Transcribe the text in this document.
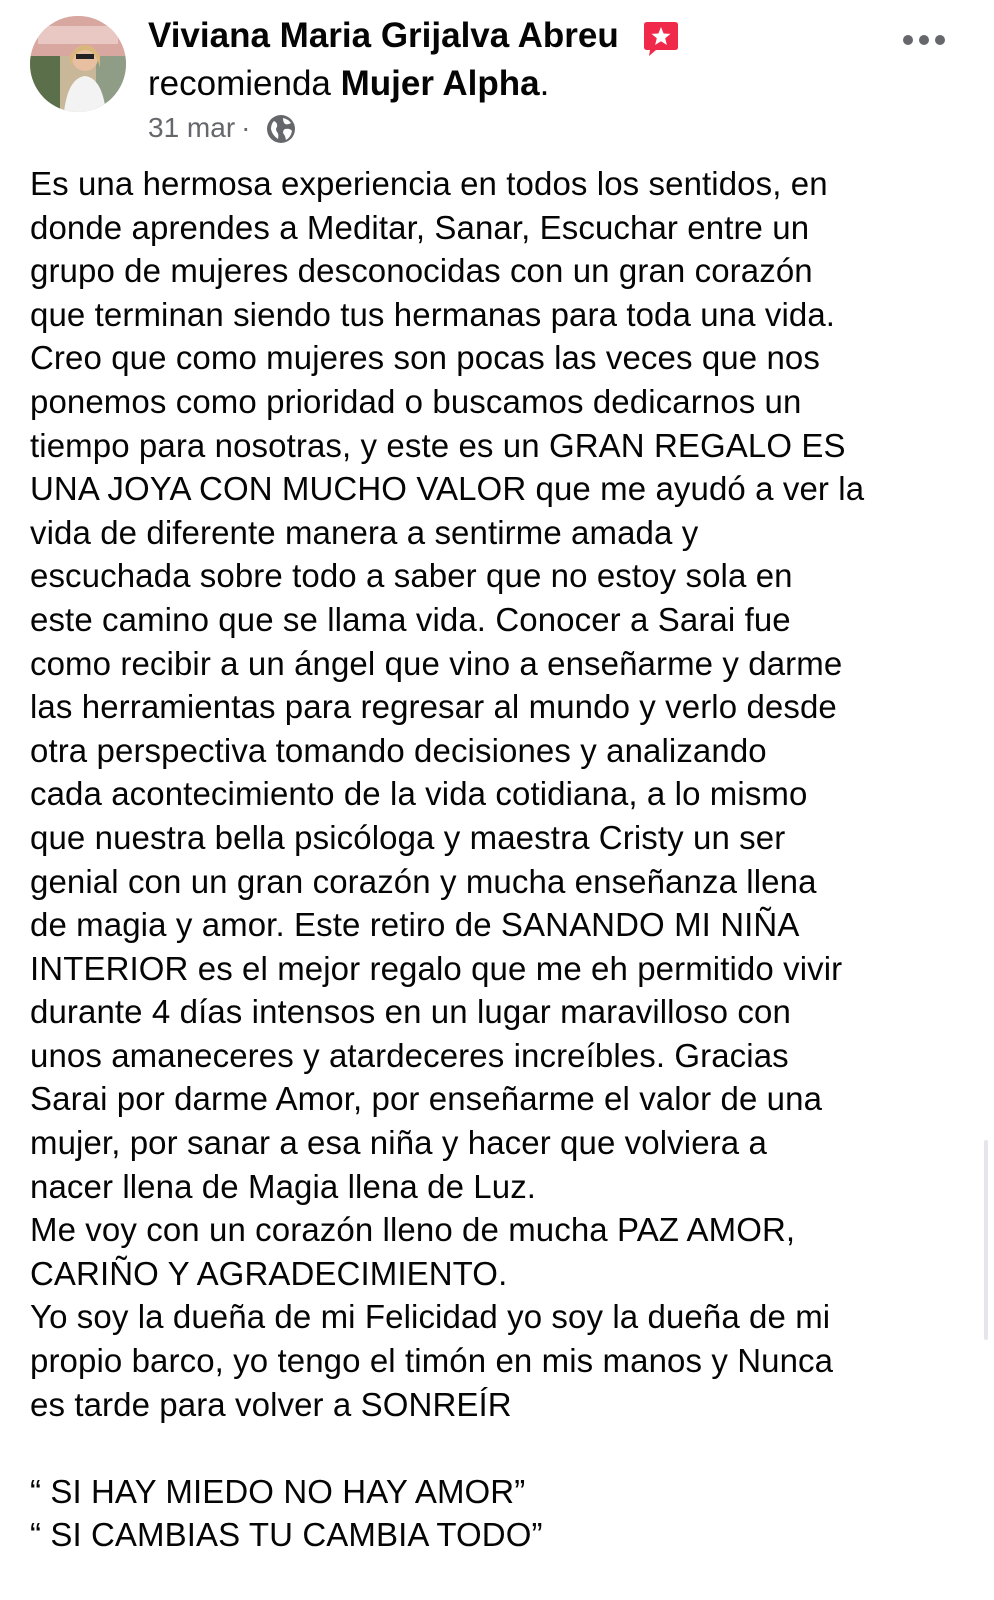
Viviana Maria Grijalva Abreu
recomienda Mujer Alpha.
31 mar ·
Es una hermosa experiencia en todos los sentidos, en
donde aprendes a Meditar, Sanar, Escuchar entre un
grupo de mujeres desconocidas con un gran corazón
que terminan siendo tus hermanas para toda una vida.
Creo que como mujeres son pocas las veces que nos
ponemos como prioridad o buscamos dedicarnos un
tiempo para nosotras, y este es un GRAN REGALO ES
UNA JOYA CON MUCHO VALOR que me ayudó a ver la
vida de diferente manera a sentirme amada y
escuchada sobre todo a saber que no estoy sola en
este camino que se llama vida. Conocer a Sarai fue
como recibir a un ángel que vino a enseñarme y darme
las herramientas para regresar al mundo y verlo desde
otra perspectiva tomando decisiones y analizando
cada acontecimiento de la vida cotidiana, a lo mismo
que nuestra bella psicóloga y maestra Cristy un ser
genial con un gran corazón y mucha enseñanza llena
de magia y amor. Este retiro de SANANDO MI NIÑA
INTERIOR es el mejor regalo que me eh permitido vivir
durante 4 días intensos en un lugar maravilloso con
unos amaneceres y atardeceres increíbles. Gracias
Sarai por darme Amor, por enseñarme el valor de una
mujer, por sanar a esa niña y hacer que volviera a
nacer llena de Magia llena de Luz.
Me voy con un corazón lleno de mucha PAZ AMOR,
CARIÑO Y AGRADECIMIENTO.
Yo soy la dueña de mi Felicidad yo soy la dueña de mi
propio barco, yo tengo el timón en mis manos y Nunca
es tarde para volver a SONREÍR
“ SI HAY MIEDO NO HAY AMOR”
“ SI CAMBIAS TU CAMBIA TODO”
